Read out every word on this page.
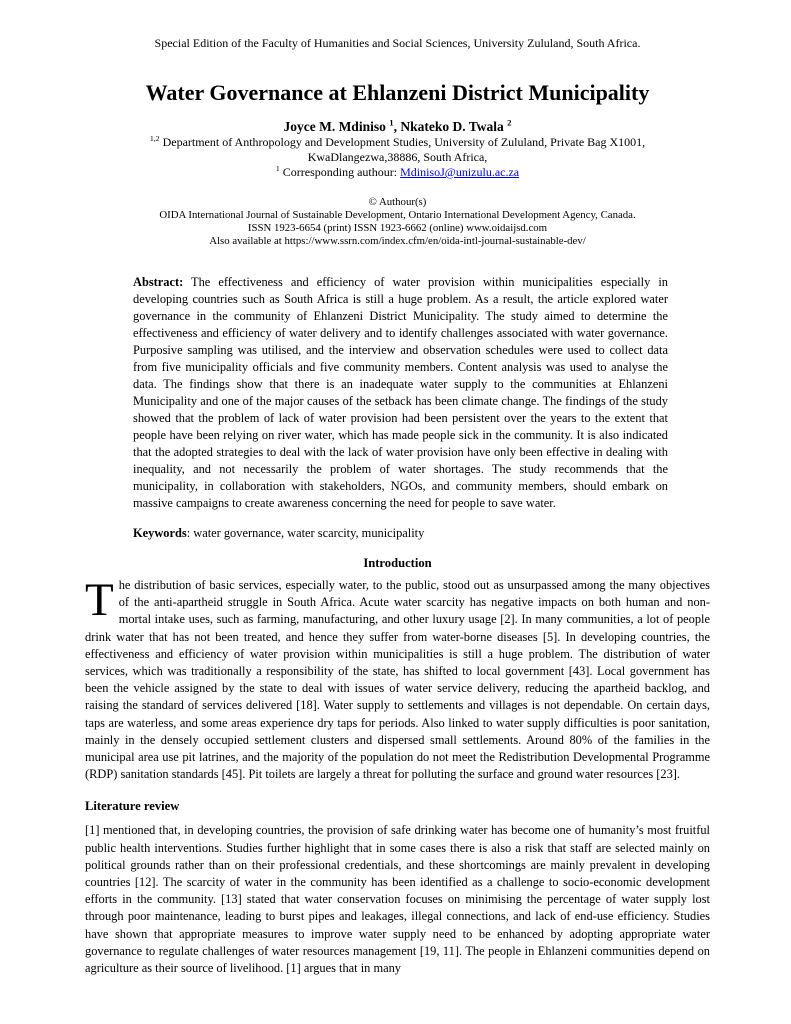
Special Edition of the Faculty of Humanities and Social Sciences, University Zululand, South Africa.
Water Governance at Ehlanzeni District Municipality
Joyce M. Mdiniso $^1$, Nkateko D. Twala $^2$
$^{1,2}$ Department of Anthropology and Development Studies, University of Zululand, Private Bag X1001,
KwaDlangezwa,38886, South Africa,
$^1$ Corresponding authour: MdinisoJ@unizulu.ac.za
© Authour(s)
OIDA International Journal of Sustainable Development, Ontario International Development Agency, Canada.
ISSN 1923-6654 (print) ISSN 1923-6662 (online) www.oidaijsd.com
Also available at https://www.ssrn.com/index.cfm/en/oida-intl-journal-sustainable-dev/
Abstract: The effectiveness and efficiency of water provision within municipalities especially in developing countries such as South Africa is still a huge problem. As a result, the article explored water governance in the community of Ehlanzeni District Municipality. The study aimed to determine the effectiveness and efficiency of water delivery and to identify challenges associated with water governance. Purposive sampling was utilised, and the interview and observation schedules were used to collect data from five municipality officials and five community members. Content analysis was used to analyse the data. The findings show that there is an inadequate water supply to the communities at Ehlanzeni Municipality and one of the major causes of the setback has been climate change. The findings of the study showed that the problem of lack of water provision had been persistent over the years to the extent that people have been relying on river water, which has made people sick in the community. It is also indicated that the adopted strategies to deal with the lack of water provision have only been effective in dealing with inequality, and not necessarily the problem of water shortages. The study recommends that the municipality, in collaboration with stakeholders, NGOs, and community members, should embark on massive campaigns to create awareness concerning the need for people to save water.
Keywords: water governance, water scarcity, municipality
Introduction
The distribution of basic services, especially water, to the public, stood out as unsurpassed among the many objectives of the anti-apartheid struggle in South Africa. Acute water scarcity has negative impacts on both human and non-mortal intake uses, such as farming, manufacturing, and other luxury usage [2]. In many communities, a lot of people drink water that has not been treated, and hence they suffer from water-borne diseases [5]. In developing countries, the effectiveness and efficiency of water provision within municipalities is still a huge problem. The distribution of water services, which was traditionally a responsibility of the state, has shifted to local government [43]. Local government has been the vehicle assigned by the state to deal with issues of water service delivery, reducing the apartheid backlog, and raising the standard of services delivered [18]. Water supply to settlements and villages is not dependable. On certain days, taps are waterless, and some areas experience dry taps for periods. Also linked to water supply difficulties is poor sanitation, mainly in the densely occupied settlement clusters and dispersed small settlements. Around 80% of the families in the municipal area use pit latrines, and the majority of the population do not meet the Redistribution Developmental Programme (RDP) sanitation standards [45]. Pit toilets are largely a threat for polluting the surface and ground water resources [23].
Literature review
[1] mentioned that, in developing countries, the provision of safe drinking water has become one of humanity’s most fruitful public health interventions. Studies further highlight that in some cases there is also a risk that staff are selected mainly on political grounds rather than on their professional credentials, and these shortcomings are mainly prevalent in developing countries [12]. The scarcity of water in the community has been identified as a challenge to socio-economic development efforts in the community. [13] stated that water conservation focuses on minimising the percentage of water supply lost through poor maintenance, leading to burst pipes and leakages, illegal connections, and lack of end-use efficiency. Studies have shown that appropriate measures to improve water supply need to be enhanced by adopting appropriate water governance to regulate challenges of water resources management [19, 11]. The people in Ehlanzeni communities depend on agriculture as their source of livelihood. [1] argues that in many
